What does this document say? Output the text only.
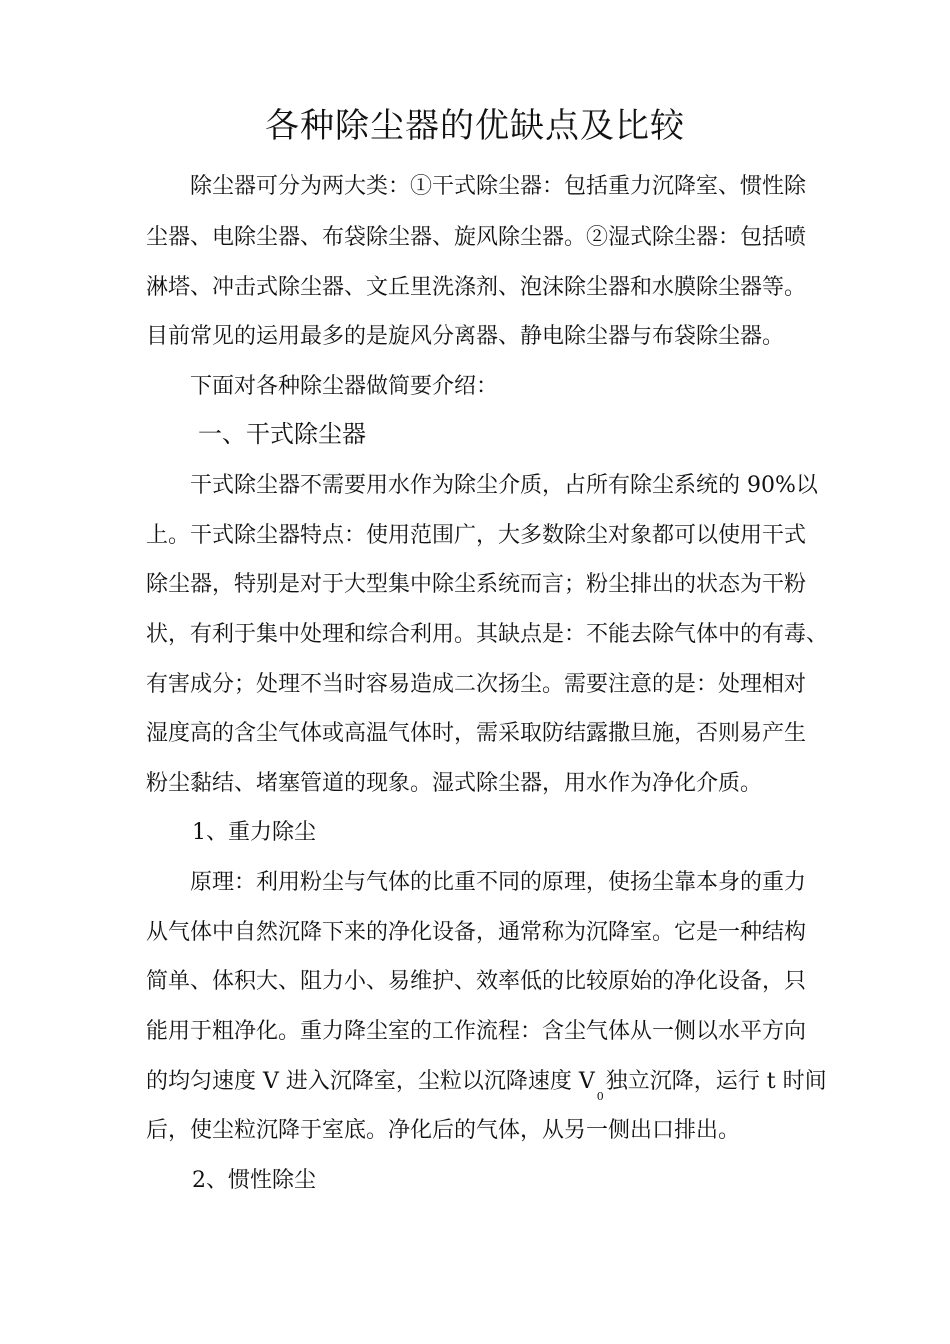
各种除尘器的优缺点及比较
除尘器可分为两大类：①干式除尘器：包括重力沉降室、惯性除
尘器、电除尘器、布袋除尘器、旋风除尘器。②湿式除尘器：包括喷
淋塔、冲击式除尘器、文丘里洗涤剂、泡沫除尘器和水膜除尘器等。
目前常见的运用最多的是旋风分离器、静电除尘器与布袋除尘器。
下面对各种除尘器做简要介绍：
一、干式除尘器
干式除尘器不需要用水作为除尘介质，占所有除尘系统的 90%以
上。干式除尘器特点：使用范围广，大多数除尘对象都可以使用干式
除尘器，特别是对于大型集中除尘系统而言；粉尘排出的状态为干粉
状，有利于集中处理和综合利用。其缺点是：不能去除气体中的有毒、
有害成分；处理不当时容易造成二次扬尘。需要注意的是：处理相对
湿度高的含尘气体或高温气体时，需采取防结露撒旦施，否则易产生
粉尘黏结、堵塞管道的现象。湿式除尘器，用水作为净化介质。
1、重力除尘
原理：利用粉尘与气体的比重不同的原理，使扬尘靠本身的重力
从气体中自然沉降下来的净化设备，通常称为沉降室。它是一种结构
简单、体积大、阻力小、易维护、效率低的比较原始的净化设备，只
能用于粗净化。重力降尘室的工作流程：含尘气体从一侧以水平方向
的均匀速度 V 进入沉降室，尘粒以沉降速度 $V_0$独立沉降，运行 t 时间
后，使尘粒沉降于室底。净化后的气体，从另一侧出口排出。
2、惯性除尘
